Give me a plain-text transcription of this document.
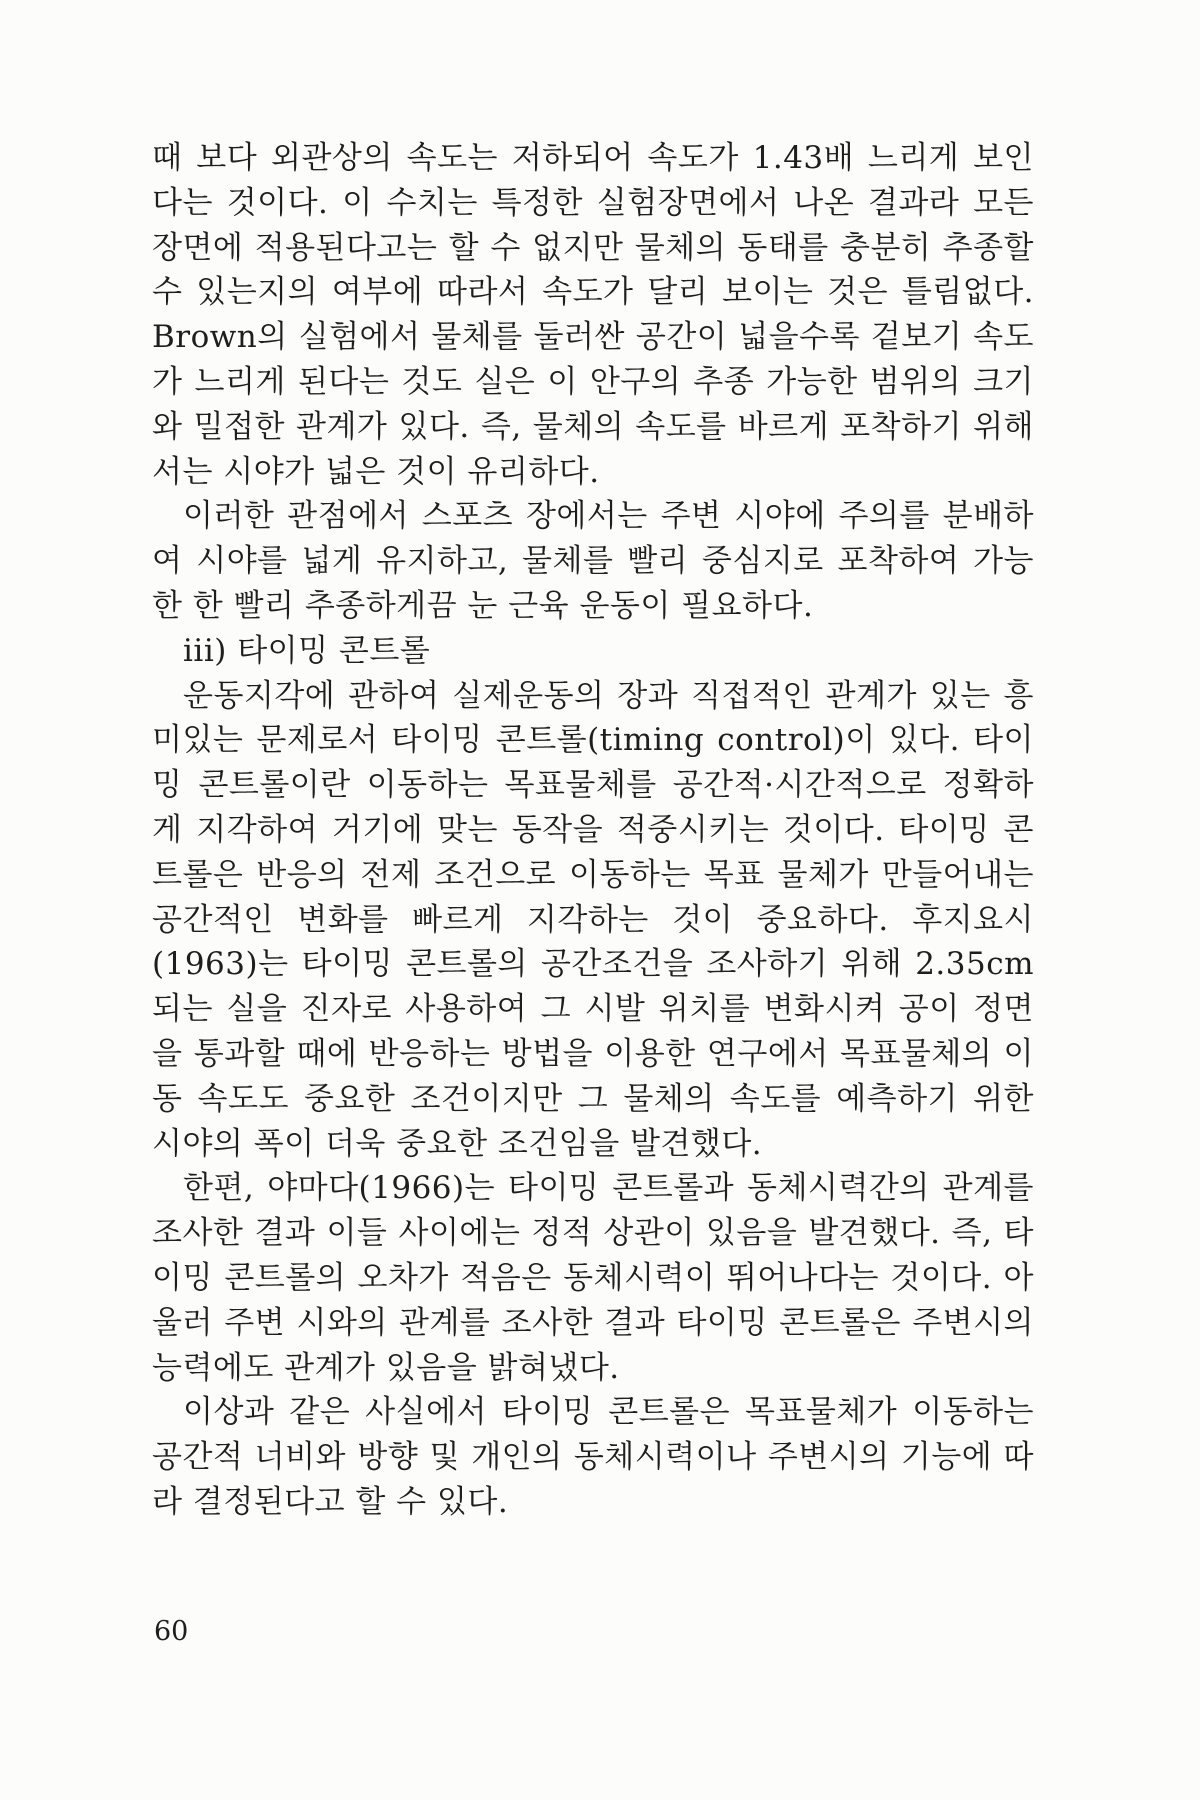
때 보다 외관상의 속도는 저하되어 속도가 1.43배 느리게 보인다는 것이다. 이 수치는 특정한 실험장면에서 나온 결과라 모든 장면에 적용된다고는 할 수 없지만 물체의 동태를 충분히 추종할 수 있는지의 여부에 따라서 속도가 달리 보이는 것은 틀림없다. Brown의 실험에서 물체를 둘러싼 공간이 넓을수록 겉보기 속도가 느리게 된다는 것도 실은 이 안구의 추종 가능한 범위의 크기와 밀접한 관계가 있다. 즉, 물체의 속도를 바르게 포착하기 위해서는 시야가 넓은 것이 유리하다.

이러한 관점에서 스포츠 장에서는 주변 시야에 주의를 분배하여 시야를 넓게 유지하고, 물체를 빨리 중심지로 포착하여 가능한 한 빨리 추종하게끔 눈 근육 운동이 필요하다.

iii) 타이밍 콘트롤

운동지각에 관하여 실제운동의 장과 직접적인 관계가 있는 흥미있는 문제로서 타이밍 콘트롤(timing control)이 있다. 타이밍 콘트롤이란 이동하는 목표물체를 공간적·시간적으로 정확하게 지각하여 거기에 맞는 동작을 적중시키는 것이다. 타이밍 콘트롤은 반응의 전제 조건으로 이동하는 목표 물체가 만들어내는 공간적인 변화를 빠르게 지각하는 것이 중요하다. 후지요시(1963)는 타이밍 콘트롤의 공간조건을 조사하기 위해 2.35cm되는 실을 진자로 사용하여 그 시발 위치를 변화시켜 공이 정면을 통과할 때에 반응하는 방법을 이용한 연구에서 목표물체의 이동 속도도 중요한 조건이지만 그 물체의 속도를 예측하기 위한 시야의 폭이 더욱 중요한 조건임을 발견했다.

한편, 야마다(1966)는 타이밍 콘트롤과 동체시력간의 관계를 조사한 결과 이들 사이에는 정적 상관이 있음을 발견했다. 즉, 타이밍 콘트롤의 오차가 적음은 동체시력이 뛰어나다는 것이다. 아울러 주변 시와의 관계를 조사한 결과 타이밍 콘트롤은 주변시의 능력에도 관계가 있음을 밝혀냈다.

이상과 같은 사실에서 타이밍 콘트롤은 목표물체가 이동하는 공간적 너비와 방향 및 개인의 동체시력이나 주변시의 기능에 따라 결정된다고 할 수 있다.

60
